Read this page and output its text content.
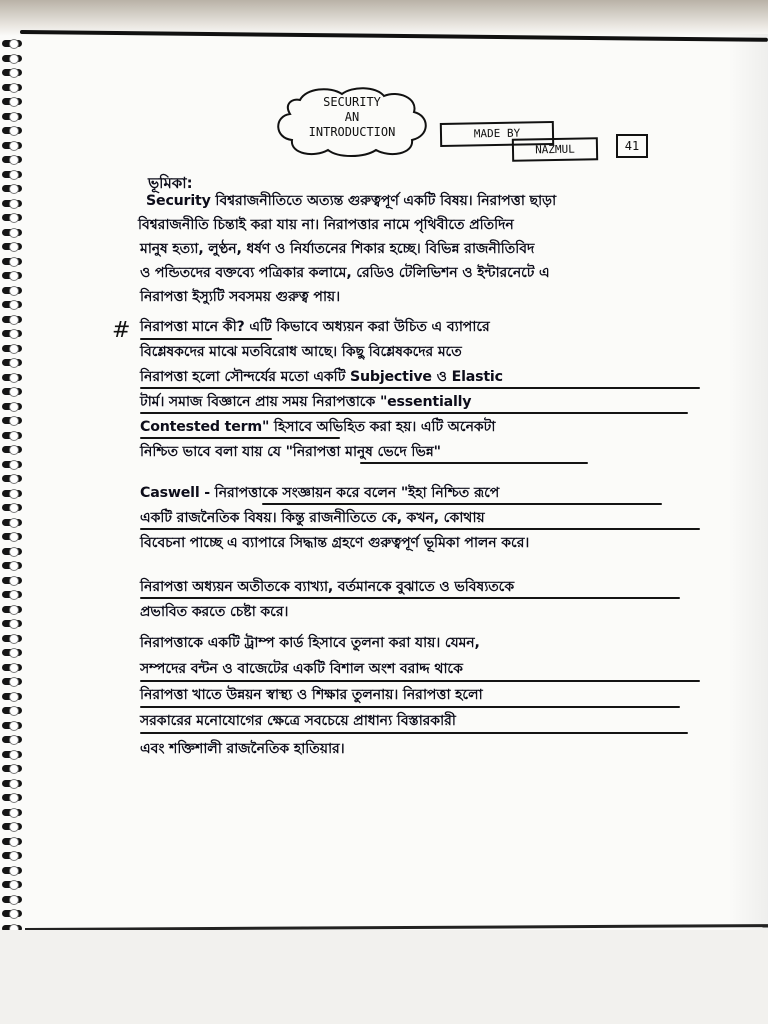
SECURITY
AN
INTRODUCTION	MADE BY
NAZMUL	41
ভূমিকা:
Security বিশ্বরাজনীতিতে অত্যন্ত গুরুত্বপূর্ণ একটি বিষয়। নিরাপত্তা ছাড়া
বিশ্বরাজনীতি চিন্তাই করা যায় না। নিরাপত্তার নামে পৃথিবীতে প্রতিদিন
মানুষ হত্যা, লুণ্ঠন, ধর্ষণ ও নির্যাতনের শিকার হচ্ছে। বিভিন্ন রাজনীতিবিদ
ও পন্ডিতদের বক্তব্যে পত্রিকার কলামে, রেডিও টেলিভিশন ও ইন্টারনেটে এ
নিরাপত্তা ইস্যুটি সবসময় গুরুত্ব পায়।
# নিরাপত্তা মানে কী? এটি কিভাবে অধ্যয়ন করা উচিত এ ব্যাপারে
বিশ্লেষকদের মাঝে মতবিরোধ আছে। কিছু বিশ্লেষকদের মতে
নিরাপত্তা হলো সৌন্দর্যের মতো একটি Subjective ও Elastic
টার্ম। সমাজ বিজ্ঞানে প্রায় সময় নিরাপত্তাকে "essentially
Contested term" হিসাবে অভিহিত করা হয়। এটি অনেকটা
নিশ্চিত ভাবে বলা যায় যে "নিরাপত্তা মানুষ ভেদে ভিন্ন"
Caswell - নিরাপত্তাকে সংজ্ঞায়ন করে বলেন "ইহা নিশ্চিত রূপে
একটি রাজনৈতিক বিষয়। কিন্তু রাজনীতিতে কে, কখন, কোথায়
বিবেচনা পাচ্ছে এ ব্যাপারে সিদ্ধান্ত গ্রহণে গুরুত্বপূর্ণ ভূমিকা পালন করে।
নিরাপত্তা অধ্যয়ন অতীতকে ব্যাখ্যা, বর্তমানকে বুঝাতে ও ভবিষ্যতকে
প্রভাবিত করতে চেষ্টা করে।
নিরাপত্তাকে একটি ট্রাম্প কার্ড হিসাবে তুলনা করা যায়। যেমন,
সম্পদের বন্টন ও বাজেটের একটি বিশাল অংশ বরাদ্দ থাকে
নিরাপত্তা খাতে উন্নয়ন স্বাস্থ্য ও শিক্ষার তুলনায়। নিরাপত্তা হলো
সরকারের মনোযোগের ক্ষেত্রে সবচেয়ে প্রাধান্য বিস্তারকারী
এবং শক্তিশালী রাজনৈতিক হাতিয়ার।
